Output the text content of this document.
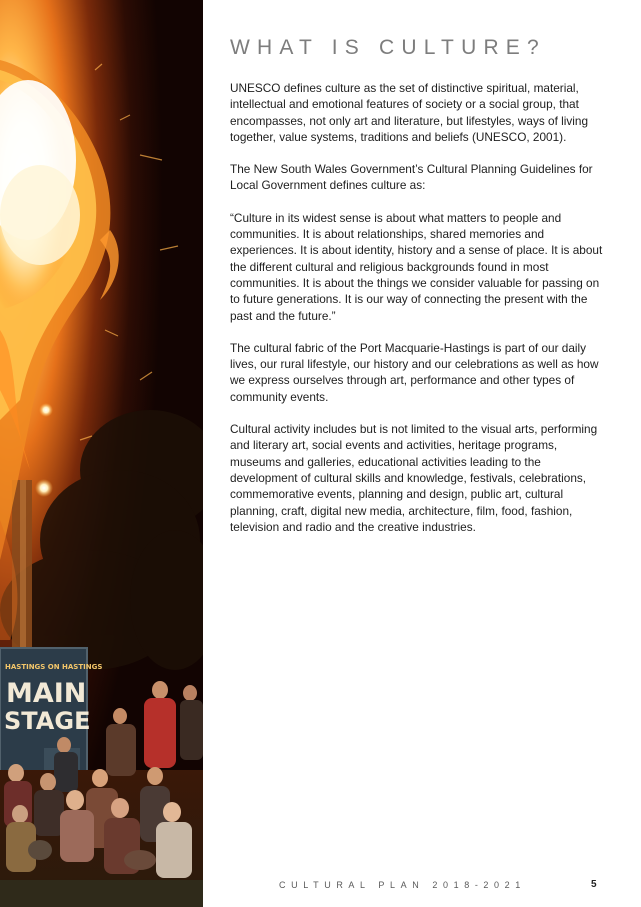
HASTINGS ON HASTINGS
MAIN
STAGE
WHAT IS CULTURE?

UNESCO defines culture as the set of distinctive spiritual, material, intellectual and emotional features of society or a social group, that encompasses, not only art and literature, but lifestyles, ways of living together, value systems, traditions and beliefs (UNESCO, 2001).

The New South Wales Government’s Cultural Planning Guidelines for Local Government defines culture as:

“Culture in its widest sense is about what matters to people and communities. It is about relationships, shared memories and experiences. It is about identity, history and a sense of place. It is about the different cultural and religious backgrounds found in most communities. It is about the things we consider valuable for passing on to future generations. It is our way of connecting the present with the past and the future.”

The cultural fabric of the Port Macquarie-Hastings is part of our daily lives, our rural lifestyle, our history and our celebrations as well as how we express ourselves through art, performance and other types of community events.

Cultural activity includes but is not limited to the visual arts, performing and literary art, social events and activities, heritage programs, museums and galleries, educational activities leading to the development of cultural skills and knowledge, festivals, celebrations, commemorative events, planning and design, public art, cultural planning, craft, digital new media, architecture, film, food, fashion, television and radio and the creative industries.

CULTURAL PLAN 2018-2021	5
